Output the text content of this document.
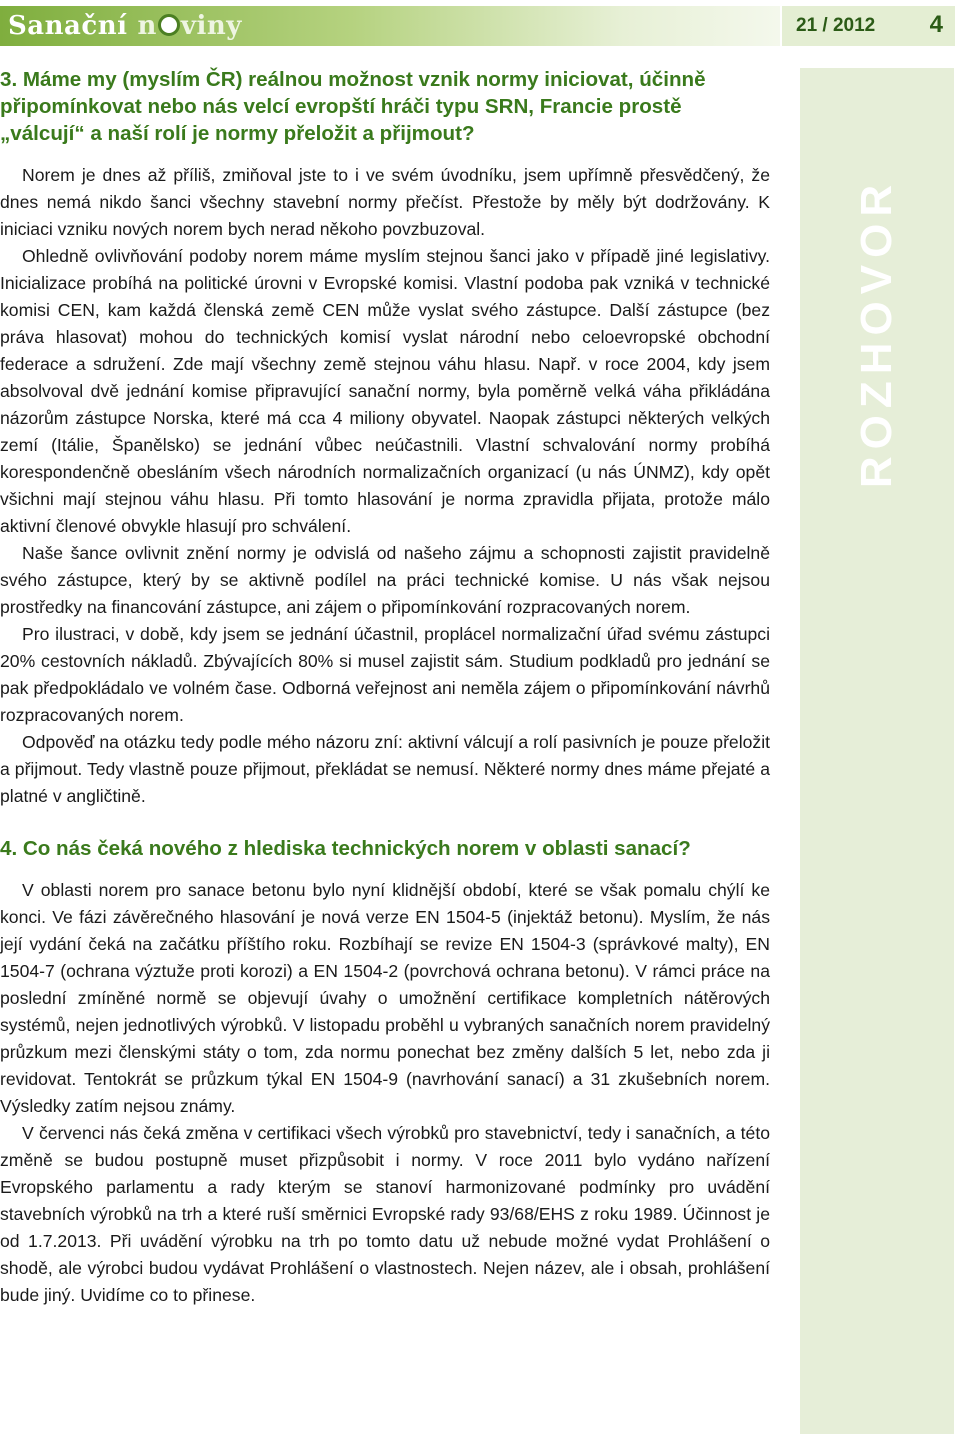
Sanační n viny	21 / 2012 4
ROZHOVOR
3. Máme my (myslím ČR) reálnou možnost vznik normy iniciovat, účinně připomínkovat nebo nás velcí evropští hráči typu SRN, Francie prostě „válcují“ a naší rolí je normy přeložit a přijmout?

Norem je dnes až příliš, zmiňoval jste to i ve svém úvodníku, jsem upřímně přesvědčený, že dnes nemá nikdo šanci všechny stavební normy přečíst. Přestože by měly být dodržovány. K iniciaci vzniku nových norem bych nerad někoho povzbuzoval.

Ohledně ovlivňování podoby norem máme myslím stejnou šanci jako v případě jiné legislativy. Inicializace probíhá na politické úrovni v Evropské komisi. Vlastní podoba pak vzniká v technické komisi CEN, kam každá členská země CEN může vyslat svého zástupce. Další zástupce (bez práva hlasovat) mohou do technických komisí vyslat národní nebo celoevropské obchodní federace a sdružení. Zde mají všechny země stejnou váhu hlasu. Např. v roce 2004, kdy jsem absolvoval dvě jednání komise připravující sanační normy, byla poměrně velká váha přikládána názorům zástupce Norska, které má cca 4 miliony obyvatel. Naopak zástupci některých velkých zemí (Itálie, Španělsko) se jednání vůbec neúčastnili. Vlastní schvalování normy probíhá korespondenčně obesláním všech národních normalizačních organizací (u nás ÚNMZ), kdy opět všichni mají stejnou váhu hlasu. Při tomto hlasování je norma zpravidla přijata, protože málo aktivní členové obvykle hlasují pro schválení.

Naše šance ovlivnit znění normy je odvislá od našeho zájmu a schopnosti zajistit pravidelně svého zástupce, který by se aktivně podílel na práci technické komise. U nás však nejsou prostředky na financování zástupce, ani zájem o připomínkování rozpracovaných norem.

Pro ilustraci, v době, kdy jsem se jednání účastnil, proplácel normalizační úřad svému zástupci 20% cestovních nákladů. Zbývajících 80% si musel zajistit sám. Studium podkladů pro jednání se pak předpokládalo ve volném čase. Odborná veřejnost ani neměla zájem o připomínkování návrhů rozpracovaných norem.

Odpověď na otázku tedy podle mého názoru zní: aktivní válcují a rolí pasivních je pouze přeložit a přijmout. Tedy vlastně pouze přijmout, překládat se nemusí. Některé normy dnes máme přejaté a platné v angličtině.

4. Co nás čeká nového z hlediska technických norem v oblasti sanací?

V oblasti norem pro sanace betonu bylo nyní klidnější období, které se však pomalu chýlí ke konci. Ve fázi závěrečného hlasování je nová verze EN 1504-5 (injektáž betonu). Myslím, že nás její vydání čeká na začátku příštího roku. Rozbíhají se revize EN 1504-3 (správkové malty), EN 1504-7 (ochrana výztuže proti korozi) a EN 1504-2 (povrchová ochrana betonu). V rámci práce na poslední zmíněné normě se objevují úvahy o umožnění certifikace kompletních nátěrových systémů, nejen jednotlivých výrobků. V listopadu proběhl u vybraných sanačních norem pravidelný průzkum mezi členskými státy o tom, zda normu ponechat bez změny dalších 5 let, nebo zda ji revidovat. Tentokrát se průzkum týkal EN 1504-9 (navrhování sanací) a 31 zkušebních norem. Výsledky zatím nejsou známy.

V červenci nás čeká změna v certifikaci všech výrobků pro stavebnictví, tedy i sanačních, a této změně se budou postupně muset přizpůsobit i normy. V roce 2011 bylo vydáno nařízení Evropského parlamentu a rady kterým se stanoví harmonizované podmínky pro uvádění stavebních výrobků na trh a které ruší směrnici Evropské rady 93/68/EHS z roku 1989. Účinnost je od 1.7.2013. Při uvádění výrobku na trh po tomto datu už nebude možné vydat Prohlášení o shodě, ale výrobci budou vydávat Prohlášení o vlastnostech. Nejen název, ale i obsah, prohlášení bude jiný. Uvidíme co to přinese.
